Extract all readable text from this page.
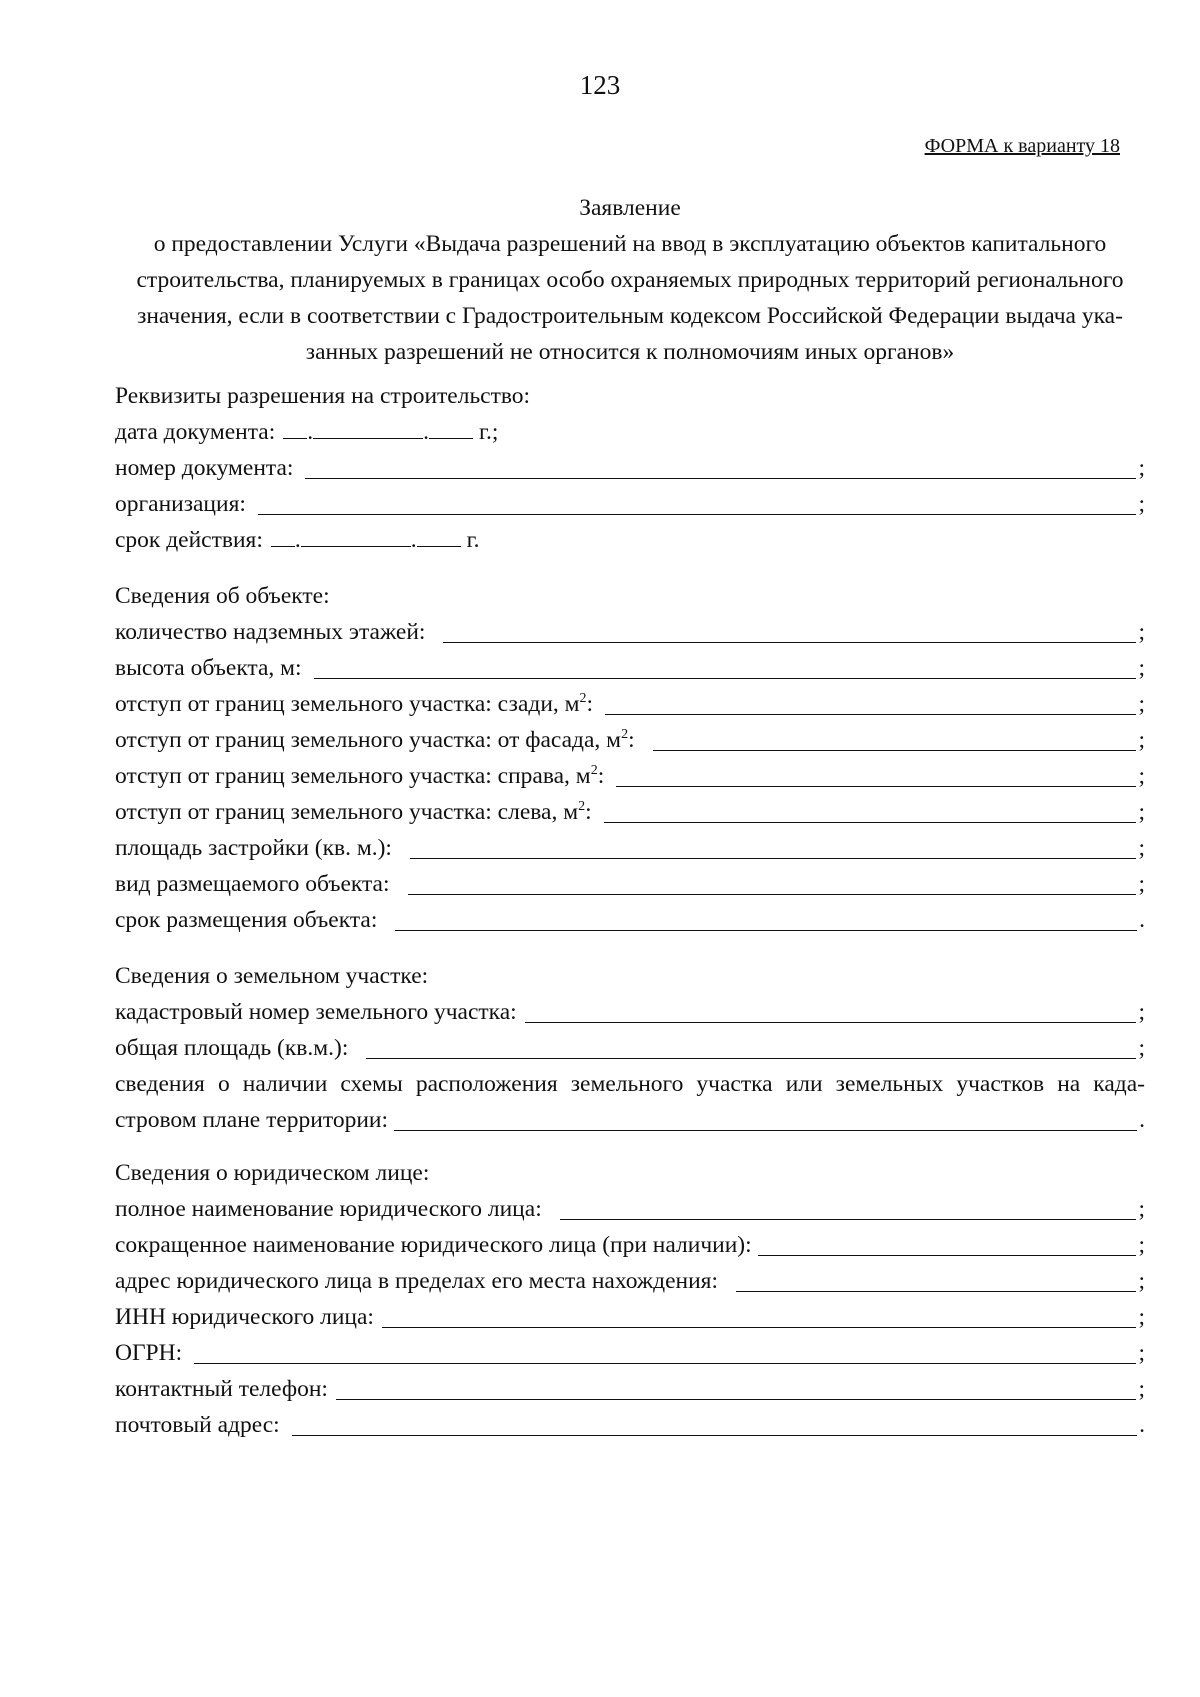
123
ФОРМА к варианту 18
Заявление
о предоставлении Услуги «Выдача разрешений на ввод в эксплуатацию объектов капитального
строительства, планируемых в границах особо охраняемых природных территорий регионального
значения, если в соответствии с Градостроительным кодексом Российской Федерации выдача ука-
занных разрешений не относится к полномочиям иных органов»
Реквизиты разрешения на строительство:
дата документа: .	. г.;
номер документа:	;
организация:	;
срок действия: .	. г.
Сведения об объекте:
количество надземных этажей:	;
высота объекта, м:	;
отступ от границ земельного участка: сзади, $м^2$:	;
отступ от границ земельного участка: от фасада, $м^2$:	;
отступ от границ земельного участка: справа, $м^2$:	;
отступ от границ земельного участка: слева, $м^2$:	;
площадь застройки (кв. м.):	;
вид размещаемого объекта:	;
срок размещения объекта:	.
Сведения о земельном участке:
кадастровый номер земельного участка:	;
общая площадь (кв.м.):	;
сведения о наличии схемы расположения земельного участка или земельных участков на када-
стровом плане территории:	.
Сведения о юридическом лице:
полное наименование юридического лица:	;
сокращенное наименование юридического лица (при наличии):	;
адрес юридического лица в пределах его места нахождения:	;
ИНН юридического лица:	;
ОГРН:	;
контактный телефон:	;
почтовый адрес:	.
